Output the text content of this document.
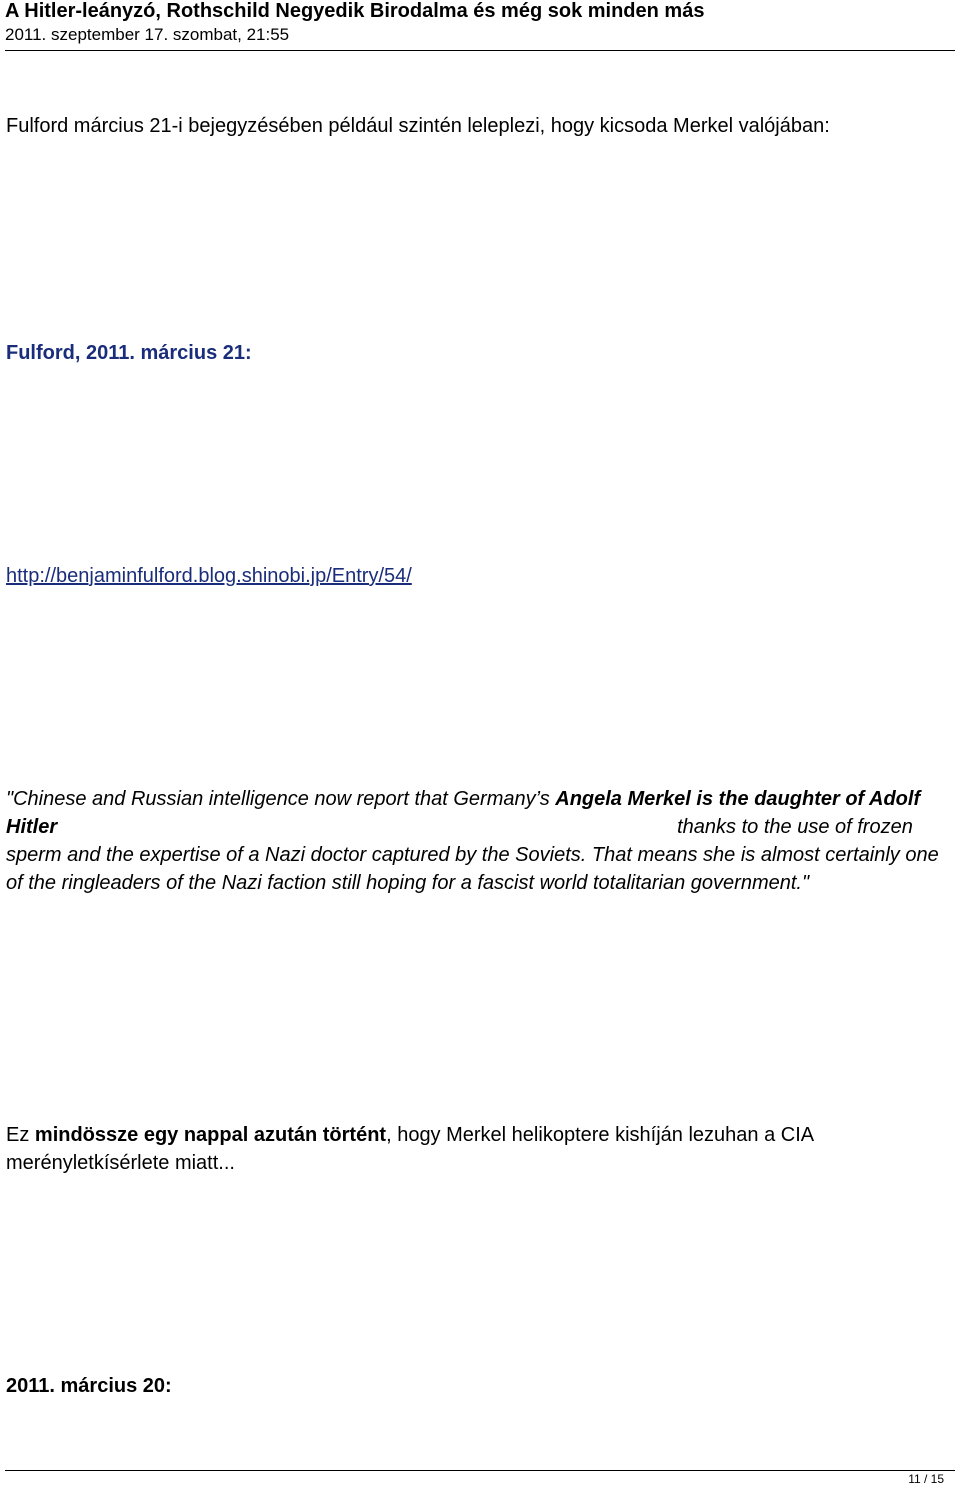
A Hitler-leányzó, Rothschild Negyedik Birodalma és még sok minden más
2011. szeptember 17. szombat, 21:55
Fulford március 21-i bejegyzésében például szintén leleplezi, hogy kicsoda Merkel valójában:
Fulford, 2011. március 21:
http://benjaminfulford.blog.shinobi.jp/Entry/54/
"Chinese and Russian intelligence now report that Germany’s Angela Merkel is the daughter of Adolf Hitler	thanks to the use of frozen sperm and the expertise of a Nazi doctor captured by the Soviets. That means she is almost certainly one of the ringleaders of the Nazi faction still hoping for a fascist world totalitarian government."
Ez mindössze egy nappal azután történt, hogy Merkel helikoptere kishíján lezuhan a CIA merényletkísérlete miatt...
2011. március 20:
11 / 15
